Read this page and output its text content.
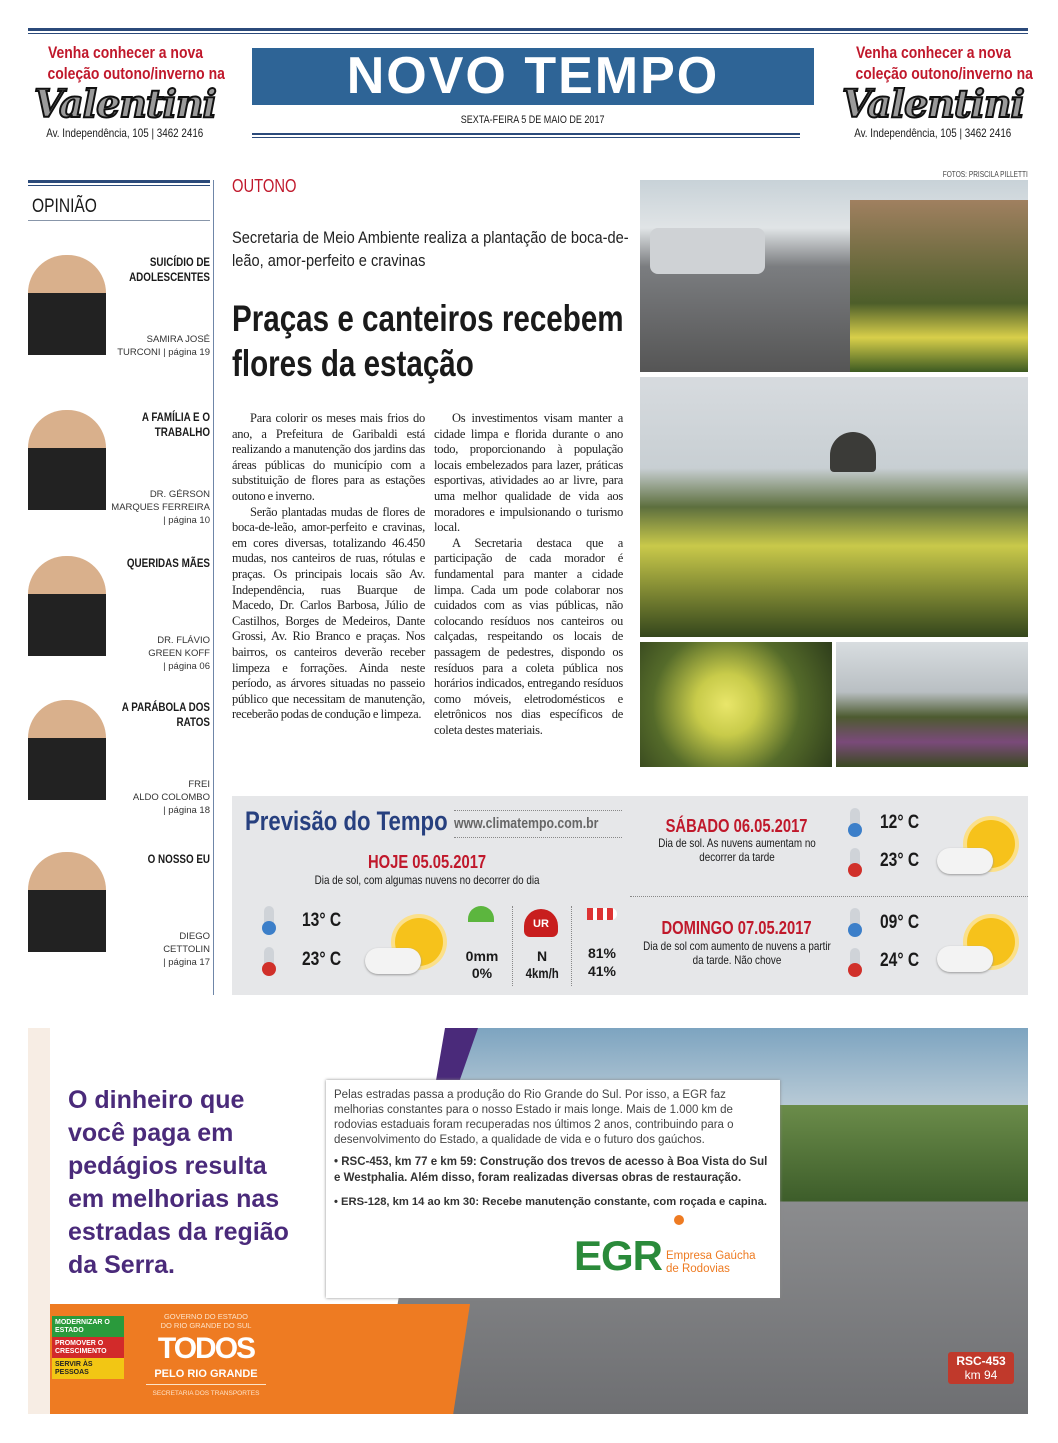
Venha conhecer a nova
coleção outono/inverno na
Valentini
Av. Independência, 105 | 3462 2416
Venha conhecer a nova
coleção outono/inverno na
Valentini
Av. Independência, 105 | 3462 2416
NOVO TEMPO
SEXTA-FEIRA 5 DE MAIO DE 2017
OPINIÃO
SUICÍDIO DE ADOLESCENTES
SAMIRA JOSÉ
TURCONI | página 19
A FAMÍLIA E O TRABALHO
DR. GÉRSON
MARQUES FERREIRA
| página 10
QUERIDAS MÃES
DR. FLÁVIO
GREEN KOFF
| página 06
A PARÁBOLA DOS RATOS
FREI
ALDO COLOMBO
| página 18
O NOSSO EU
DIEGO
CETTOLIN
| página 17
OUTONO
Secretaria de Meio Ambiente realiza a plantação de boca-de-leão, amor-perfeito e cravinas
Praças e canteiros recebem flores da estação

Para colorir os meses mais frios do ano, a Prefeitura de Garibaldi está realizando a manutenção dos jardins das áreas públicas do município com a substituição de flores para as estações outono e inverno.

Serão plantadas mudas de flores de boca-de-leão, amor-perfeito e cravinas, em cores diversas, totalizando 46.450 mudas, nos canteiros de ruas, rótulas e praças. Os principais locais são Av. Independência, ruas Buarque de Macedo, Dr. Carlos Barbosa, Júlio de Castilhos, Borges de Medeiros, Dante Grossi, Av. Rio Branco e praças. Nos bairros, os canteiros deverão receber limpeza e forrações. Ainda neste período, as árvores situadas no passeio público que necessitam de manutenção, receberão podas de condução e limpeza.

Os investimentos visam manter a cidade limpa e florida durante o ano todo, proporcionando à população locais embelezados para lazer, práticas esportivas, atividades ao ar livre, para uma melhor qualidade de vida aos moradores e impulsionando o turismo local.

A Secretaria destaca que a participação de cada morador é fundamental para manter a cidade limpa. Cada um pode colaborar nos cuidados com as vias públicas, não colocando resíduos nos canteiros ou calçadas, respeitando os locais de passagem de pedestres, dispondo os resíduos para a coleta pública nos horários indicados, entregando resíduos como móveis, eletrodomésticos e eletrônicos nos dias específicos de coleta destes materiais.

FOTOS: PRISCILA PILLETTI
Previsão do Tempo www.climatempo.com.br
HOJE 05.05.2017
Dia de sol, com algumas nuvens no decorrer do dia
13° C
23° C	0mm
0%
UR
N
4km/h
81%
41%
SÁBADO 06.05.2017
Dia de sol. As nuvens aumentam no decorrer da tarde
12° C
23° C
DOMINGO 07.05.2017
Dia de sol com aumento de nuvens a partir da tarde. Não chove
09° C
24° C
O dinheiro que você paga em pedágios resulta em melhorias nas estradas da região da Serra.
Pelas estradas passa a produção do Rio Grande do Sul. Por isso, a EGR faz melhorias constantes para o nosso Estado ir mais longe. Mais de 1.000 km de rodovias estaduais foram recuperadas nos últimos 2 anos, contribuindo para o desenvolvimento do Estado, a qualidade de vida e o futuro dos gaúchos.
• RSC-453, km 77 e km 59: Construção dos trevos de acesso à Boa Vista do Sul e Westphalia. Além disso, foram realizadas diversas obras de restauração.
• ERS-128, km 14 ao km 30: Recebe manutenção constante, com roçada e capina.
EGR Empresa Gaúcha
de Rodovias
MODERNIZAR O ESTADO
PROMOVER O CRESCIMENTO
SERVIR ÀS PESSOAS
GOVERNO DO ESTADO
DO RIO GRANDE DO SUL
TODOS
PELO RIO GRANDE
SECRETARIA DOS TRANSPORTES
RSC-453
km 94
